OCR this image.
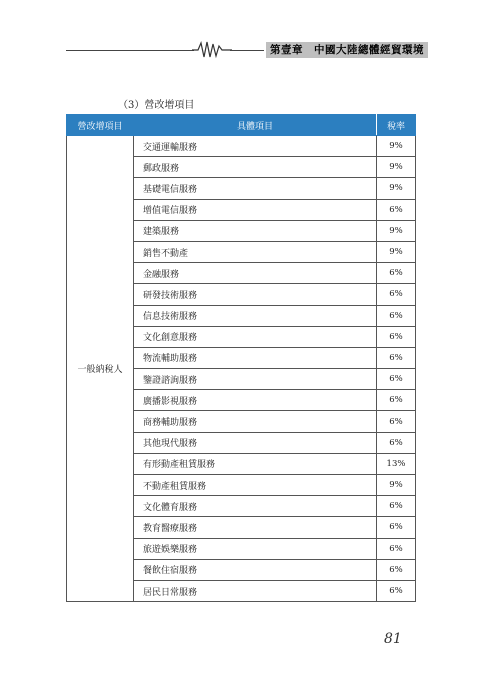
第壹章　中國大陸總體經貿環境
（3）營改增項目
營改增項目	具體項目	稅率
一般納稅人	交通運輸服務	9%
	郵政服務	9%
	基礎電信服務	9%
	增值電信服務	6%
	建築服務	9%
	銷售不動產	9%
	金融服務	6%
	研發技術服務	6%
	信息技術服務	6%
	文化創意服務	6%
	物流輔助服務	6%
	鑒證諮詢服務	6%
	廣播影視服務	6%
	商務輔助服務	6%
	其他現代服務	6%
	有形動產租賃服務	13%
	不動產租賃服務	9%
	文化體育服務	6%
	教育醫療服務	6%
	旅遊娛樂服務	6%
	餐飲住宿服務	6%
	居民日常服務	6%
81
